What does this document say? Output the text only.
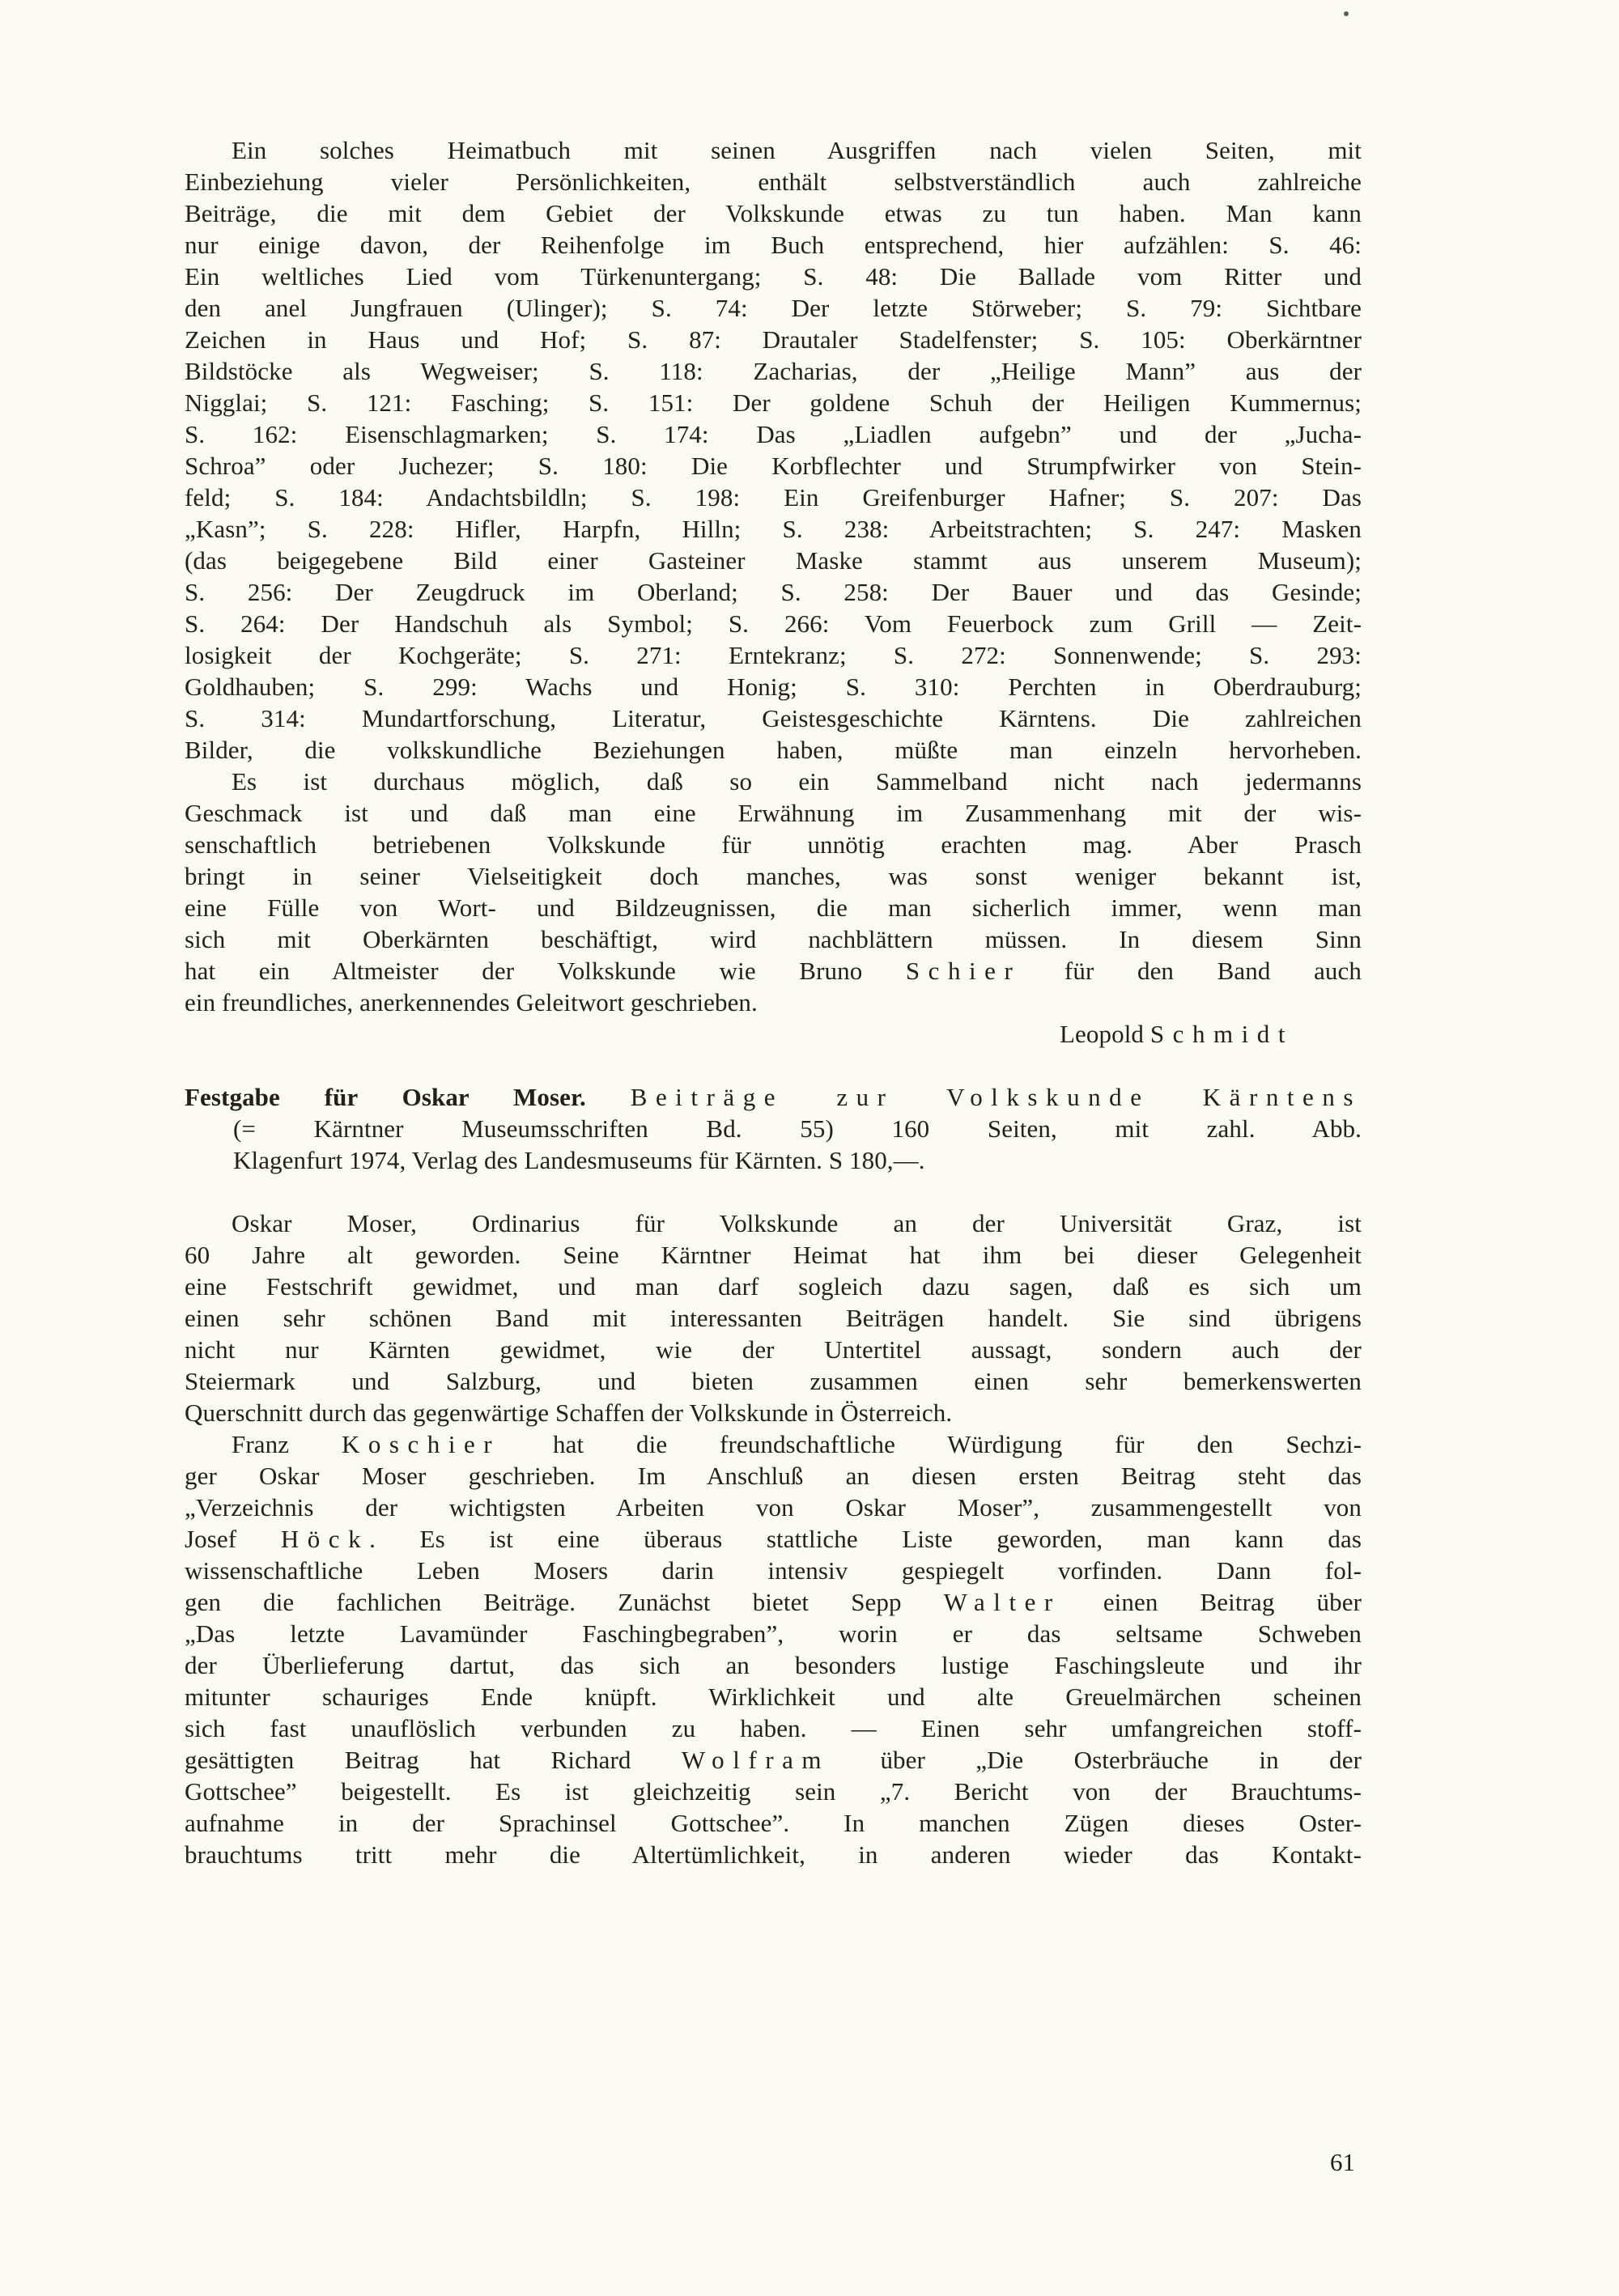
Ein solches Heimatbuch mit seinen Ausgriffen nach vielen Seiten, mit
Einbeziehung vieler Persönlichkeiten, enthält selbstverständlich auch zahlreiche
Beiträge, die mit dem Gebiet der Volkskunde etwas zu tun haben. Man kann
nur einige davon, der Reihenfolge im Buch entsprechend, hier aufzählen: S. 46:
Ein weltliches Lied vom Türkenuntergang; S. 48: Die Ballade vom Ritter und
den anel Jungfrauen (Ulinger); S. 74: Der letzte Störweber; S. 79: Sichtbare
Zeichen in Haus und Hof; S. 87: Drautaler Stadelfenster; S. 105: Oberkärntner
Bildstöcke als Wegweiser; S. 118: Zacharias, der „Heilige Mann” aus der
Nigglai; S. 121: Fasching; S. 151: Der goldene Schuh der Heiligen Kummernus;
S. 162: Eisenschlagmarken; S. 174: Das „Liadlen aufgebn” und der „Jucha-
Schroa” oder Juchezer; S. 180: Die Korbflechter und Strumpfwirker von Stein-
feld; S. 184: Andachtsbildln; S. 198: Ein Greifenburger Hafner; S. 207: Das
„Kasn”; S. 228: Hifler, Harpfn, Hilln; S. 238: Arbeitstrachten; S. 247: Masken
(das beigegebene Bild einer Gasteiner Maske stammt aus unserem Museum);
S. 256: Der Zeugdruck im Oberland; S. 258: Der Bauer und das Gesinde;
S. 264: Der Handschuh als Symbol; S. 266: Vom Feuerbock zum Grill — Zeit-
losigkeit der Kochgeräte; S. 271: Erntekranz; S. 272: Sonnenwende; S. 293:
Goldhauben; S. 299: Wachs und Honig; S. 310: Perchten in Oberdrauburg;
S. 314: Mundartforschung, Literatur, Geistesgeschichte Kärntens. Die zahlreichen
Bilder, die volkskundliche Beziehungen haben, müßte man einzeln hervorheben.
Es ist durchaus möglich, daß so ein Sammelband nicht nach jedermanns
Geschmack ist und daß man eine Erwähnung im Zusammenhang mit der wis-
senschaftlich betriebenen Volkskunde für unnötig erachten mag. Aber Prasch
bringt in seiner Vielseitigkeit doch manches, was sonst weniger bekannt ist,
eine Fülle von Wort- und Bildzeugnissen, die man sicherlich immer, wenn man
sich mit Oberkärnten beschäftigt, wird nachblättern müssen. In diesem Sinn
hat ein Altmeister der Volkskunde wie Bruno Schier für den Band auch
ein freundliches, anerkennendes Geleitwort geschrieben.
Leopold Schmidt
Festgabe für Oskar Moser. Beiträge zur Volkskunde Kärntens
(= Kärntner Museumsschriften Bd. 55) 160 Seiten, mit zahl. Abb.
Klagenfurt 1974, Verlag des Landesmuseums für Kärnten. S 180,—.
Oskar Moser, Ordinarius für Volkskunde an der Universität Graz, ist
60 Jahre alt geworden. Seine Kärntner Heimat hat ihm bei dieser Gelegenheit
eine Festschrift gewidmet, und man darf sogleich dazu sagen, daß es sich um
einen sehr schönen Band mit interessanten Beiträgen handelt. Sie sind übrigens
nicht nur Kärnten gewidmet, wie der Untertitel aussagt, sondern auch der
Steiermark und Salzburg, und bieten zusammen einen sehr bemerkenswerten
Querschnitt durch das gegenwärtige Schaffen der Volkskunde in Österreich.
Franz Koschier hat die freundschaftliche Würdigung für den Sechzi-
ger Oskar Moser geschrieben. Im Anschluß an diesen ersten Beitrag steht das
„Verzeichnis der wichtigsten Arbeiten von Oskar Moser”, zusammengestellt von
Josef Höck. Es ist eine überaus stattliche Liste geworden, man kann das
wissenschaftliche Leben Mosers darin intensiv gespiegelt vorfinden. Dann fol-
gen die fachlichen Beiträge. Zunächst bietet Sepp Walter einen Beitrag über
„Das letzte Lavamünder Faschingbegraben”, worin er das seltsame Schweben
der Überlieferung dartut, das sich an besonders lustige Faschingsleute und ihr
mitunter schauriges Ende knüpft. Wirklichkeit und alte Greuelmärchen scheinen
sich fast unauflöslich verbunden zu haben. — Einen sehr umfangreichen stoff-
gesättigten Beitrag hat Richard Wolfram über „Die Osterbräuche in der
Gottschee” beigestellt. Es ist gleichzeitig sein „7. Bericht von der Brauchtums-
aufnahme in der Sprachinsel Gottschee”. In manchen Zügen dieses Oster-
brauchtums tritt mehr die Altertümlichkeit, in anderen wieder das Kontakt-
61
